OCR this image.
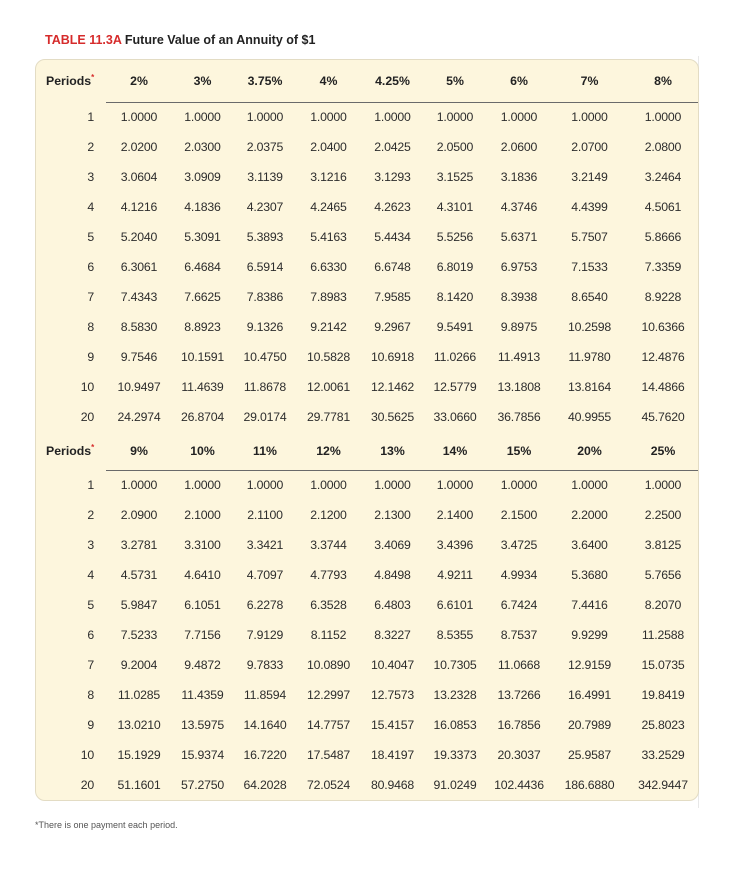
TABLE 11.3A Future Value of an Annuity of $1
Periods*	2%	3%	3.75%	4%	4.25%	5%	6%	7%	8%
1	1.0000	1.0000	1.0000	1.0000	1.0000	1.0000	1.0000	1.0000	1.0000
2	2.0200	2.0300	2.0375	2.0400	2.0425	2.0500	2.0600	2.0700	2.0800
3	3.0604	3.0909	3.1139	3.1216	3.1293	3.1525	3.1836	3.2149	3.2464
4	4.1216	4.1836	4.2307	4.2465	4.2623	4.3101	4.3746	4.4399	4.5061
5	5.2040	5.3091	5.3893	5.4163	5.4434	5.5256	5.6371	5.7507	5.8666
6	6.3061	6.4684	6.5914	6.6330	6.6748	6.8019	6.9753	7.1533	7.3359
7	7.4343	7.6625	7.8386	7.8983	7.9585	8.1420	8.3938	8.6540	8.9228
8	8.5830	8.8923	9.1326	9.2142	9.2967	9.5491	9.8975	10.2598	10.6366
9	9.7546	10.1591	10.4750	10.5828	10.6918	11.0266	11.4913	11.9780	12.4876
10	10.9497	11.4639	11.8678	12.0061	12.1462	12.5779	13.1808	13.8164	14.4866
20	24.2974	26.8704	29.0174	29.7781	30.5625	33.0660	36.7856	40.9955	45.7620
Periods*	9%	10%	11%	12%	13%	14%	15%	20%	25%
1	1.0000	1.0000	1.0000	1.0000	1.0000	1.0000	1.0000	1.0000	1.0000
2	2.0900	2.1000	2.1100	2.1200	2.1300	2.1400	2.1500	2.2000	2.2500
3	3.2781	3.3100	3.3421	3.3744	3.4069	3.4396	3.4725	3.6400	3.8125
4	4.5731	4.6410	4.7097	4.7793	4.8498	4.9211	4.9934	5.3680	5.7656
5	5.9847	6.1051	6.2278	6.3528	6.4803	6.6101	6.7424	7.4416	8.2070
6	7.5233	7.7156	7.9129	8.1152	8.3227	8.5355	8.7537	9.9299	11.2588
7	9.2004	9.4872	9.7833	10.0890	10.4047	10.7305	11.0668	12.9159	15.0735
8	11.0285	11.4359	11.8594	12.2997	12.7573	13.2328	13.7266	16.4991	19.8419
9	13.0210	13.5975	14.1640	14.7757	15.4157	16.0853	16.7856	20.7989	25.8023
10	15.1929	15.9374	16.7220	17.5487	18.4197	19.3373	20.3037	25.9587	33.2529
20	51.1601	57.2750	64.2028	72.0524	80.9468	91.0249	102.4436	186.6880	342.9447
*There is one payment each period.
